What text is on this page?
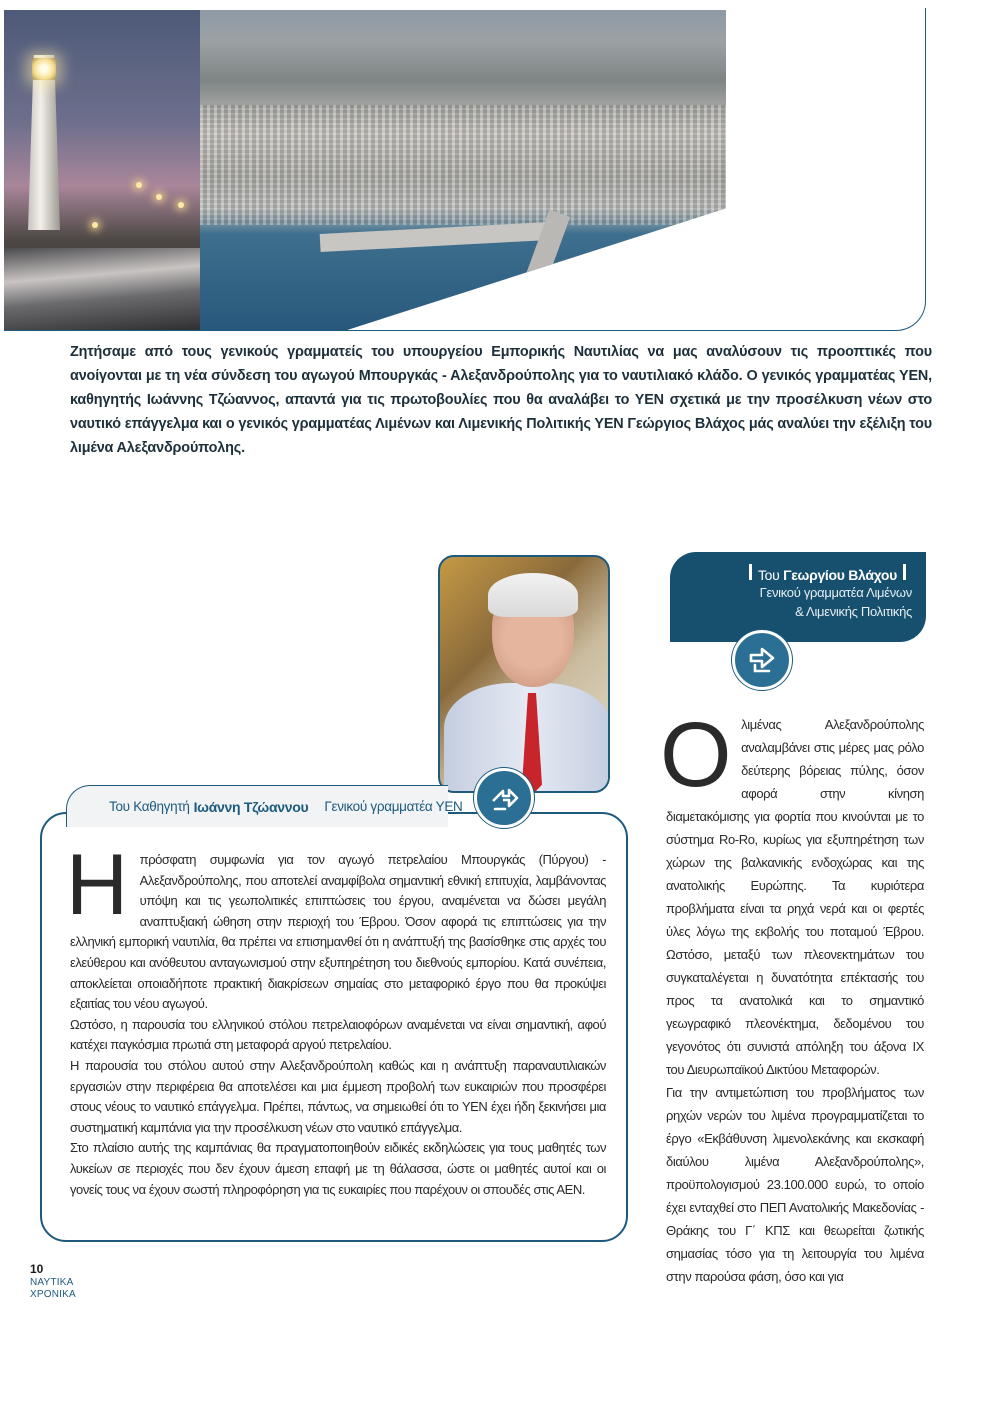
Ζητήσαμε από τους γενικούς γραμματείς του υπουργείου Εμπορικής Ναυτιλίας να μας αναλύσουν τις προοπτικές που ανοίγονται με τη νέα σύνδεση του αγωγού Μπουργκάς - Αλεξανδρούπολης για το ναυτιλιακό κλάδο. Ο γενικός γραμματέας ΥΕΝ, καθηγητής Ιωάννης Τζώαννος, απαντά για τις πρωτοβουλίες που θα αναλάβει το ΥΕΝ σχετικά με την προσέλκυση νέων στο ναυτικό επάγγελμα και ο γενικός γραμματέας Λιμένων και Λιμενικής Πολιτικής ΥΕΝ Γεώργιος Βλάχος μάς αναλύει την εξέλιξη του λιμένα Αλεξανδρούπολης.

Του Γεωργίου Βλάχου
Γενικού γραμματέα Λιμένων
& Λιμενικής Πολιτικής
Ο λιμένας Αλεξανδρούπολης αναλαμβάνει στις μέρες μας ρόλο δεύτερης βόρειας πύλης, όσον αφορά στην κίνηση διαμετακόμισης για φορτία που κινούνται με το σύστημα Ro-Ro, κυρίως για εξυπηρέτηση των χώρων της βαλκανικής ενδοχώρας και της ανατολικής Ευρώπης. Τα κυριότερα προβλήματα είναι τα ρηχά νερά και οι φερτές ύλες λόγω της εκβολής του ποταμού Έβρου. Ωστόσο, μεταξύ των πλεονεκτημάτων του συγκαταλέγεται η δυνατότητα επέκτασής του προς τα ανατολικά και το σημαντικό γεωγραφικό πλεονέκτημα, δεδομένου του γεγονότος ότι συνιστά απόληξη του άξονα IX του Διευρωπαϊκού Δικτύου Μεταφορών.

Για την αντιμετώπιση του προβλήματος των ρηχών νερών του λιμένα προγραμματίζεται το έργο «Εκβάθυνση λιμενολεκάνης και εκσκαφή διαύλου λιμένα Αλεξανδρούπολης», προϋπολογισμού 23.100.000 ευρώ, το οποίο έχει ενταχθεί στο ΠΕΠ Ανατολικής Μακεδονίας - Θράκης του Γ΄ ΚΠΣ και θεωρείται ζωτικής σημασίας τόσο για τη λειτουργία του λιμένα στην παρούσα φάση, όσο και για

Του Καθηγητή Ιωάννη Τζώαννου Γενικού γραμματέα ΥΕΝ
Η πρόσφατη συμφωνία για τον αγωγό πετρελαίου Μπουργκάς (Πύργου) - Αλεξανδρούπολης, που αποτελεί αναμφίβολα σημαντική εθνική επιτυχία, λαμβάνοντας υπόψη και τις γεωπολιτικές επιπτώσεις του έργου, αναμένεται να δώσει μεγάλη αναπτυξιακή ώθηση στην περιοχή του Έβρου. Όσον αφορά τις επιπτώσεις για την ελληνική εμπορική ναυτιλία, θα πρέπει να επισημανθεί ότι η ανάπτυξή της βασίσθηκε στις αρχές του ελεύθερου και ανόθευτου ανταγωνισμού στην εξυπηρέτηση του διεθνούς εμπορίου. Κατά συνέπεια, αποκλείεται οποιαδήποτε πρακτική διακρίσεων σημαίας στο μεταφορικό έργο που θα προκύψει εξαιτίας του νέου αγωγού.

Ωστόσο, η παρουσία του ελληνικού στόλου πετρελαιοφόρων αναμένεται να είναι σημαντική, αφού κατέχει παγκόσμια πρωτιά στη μεταφορά αργού πετρελαίου.

Η παρουσία του στόλου αυτού στην Αλεξανδρούπολη καθώς και η ανάπτυξη παραναυτιλιακών εργασιών στην περιφέρεια θα αποτελέσει και μια έμμεση προβολή των ευκαιριών που προσφέρει στους νέους το ναυτικό επάγγελμα. Πρέπει, πάντως, να σημειωθεί ότι το ΥΕΝ έχει ήδη ξεκινήσει μια συστηματική καμπάνια για την προσέλκυση νέων στο ναυτικό επάγγελμα.

Στο πλαίσιο αυτής της καμπάνιας θα πραγματοποιηθούν ειδικές εκδηλώσεις για τους μαθητές των λυκείων σε περιοχές που δεν έχουν άμεση επαφή με τη θάλασσα, ώστε οι μαθητές αυτοί και οι γονείς τους να έχουν σωστή πληροφόρηση για τις ευκαιρίες που παρέχουν οι σπουδές στις ΑΕΝ.

10
ΝΑΥΤΙΚΑ
ΧΡΟΝΙΚΑ
